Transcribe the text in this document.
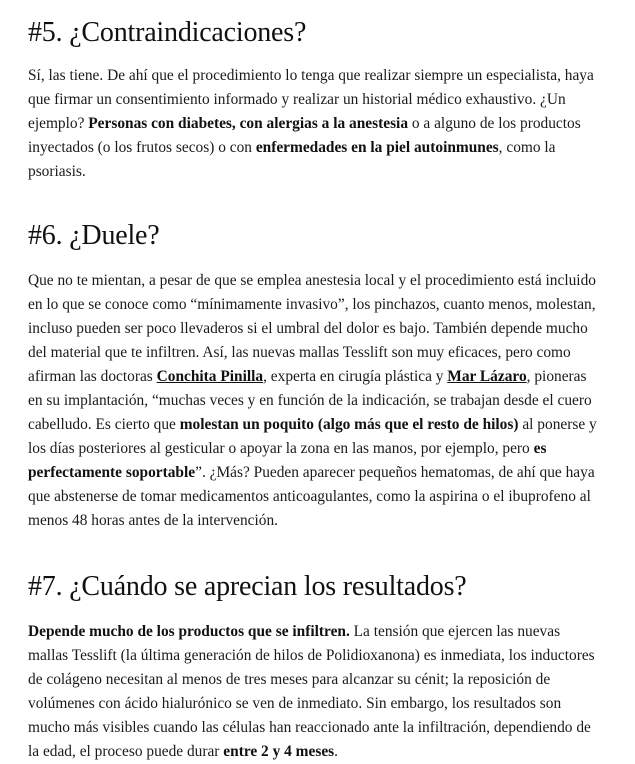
#5. ¿Contraindicaciones?

Sí, las tiene. De ahí que el procedimiento lo tenga que realizar siempre un especialista, haya que firmar un consentimiento informado y realizar un historial médico exhaustivo. ¿Un ejemplo? Personas con diabetes, con alergias a la anestesia o a alguno de los productos inyectados (o los frutos secos) o con enfermedades en la piel autoinmunes, como la psoriasis.

#6. ¿Duele?

Que no te mientan, a pesar de que se emplea anestesia local y el procedimiento está incluido en lo que se conoce como “mínimamente invasivo”, los pinchazos, cuanto menos, molestan, incluso pueden ser poco llevaderos si el umbral del dolor es bajo. También depende mucho del material que te infiltren. Así, las nuevas mallas Tesslift son muy eficaces, pero como afirman las doctoras Conchita Pinilla, experta en cirugía plástica y Mar Lázaro, pioneras en su implantación, “muchas veces y en función de la indicación, se trabajan desde el cuero cabelludo. Es cierto que molestan un poquito (algo más que el resto de hilos) al ponerse y los días posteriores al gesticular o apoyar la zona en las manos, por ejemplo, pero es perfectamente soportable”. ¿Más? Pueden aparecer pequeños hematomas, de ahí que haya que abstenerse de tomar medicamentos anticoagulantes, como la aspirina o el ibuprofeno al menos 48 horas antes de la intervención.

#7. ¿Cuándo se aprecian los resultados?

Depende mucho de los productos que se infiltren. La tensión que ejercen las nuevas mallas Tesslift (la última generación de hilos de Polidioxanona) es inmediata, los inductores de colágeno necesitan al menos de tres meses para alcanzar su cénit; la reposición de volúmenes con ácido hialurónico se ven de inmediato. Sin embargo, los resultados son mucho más visibles cuando las células han reaccionado ante la infiltración, dependiendo de la edad, el proceso puede durar entre 2 y 4 meses.
